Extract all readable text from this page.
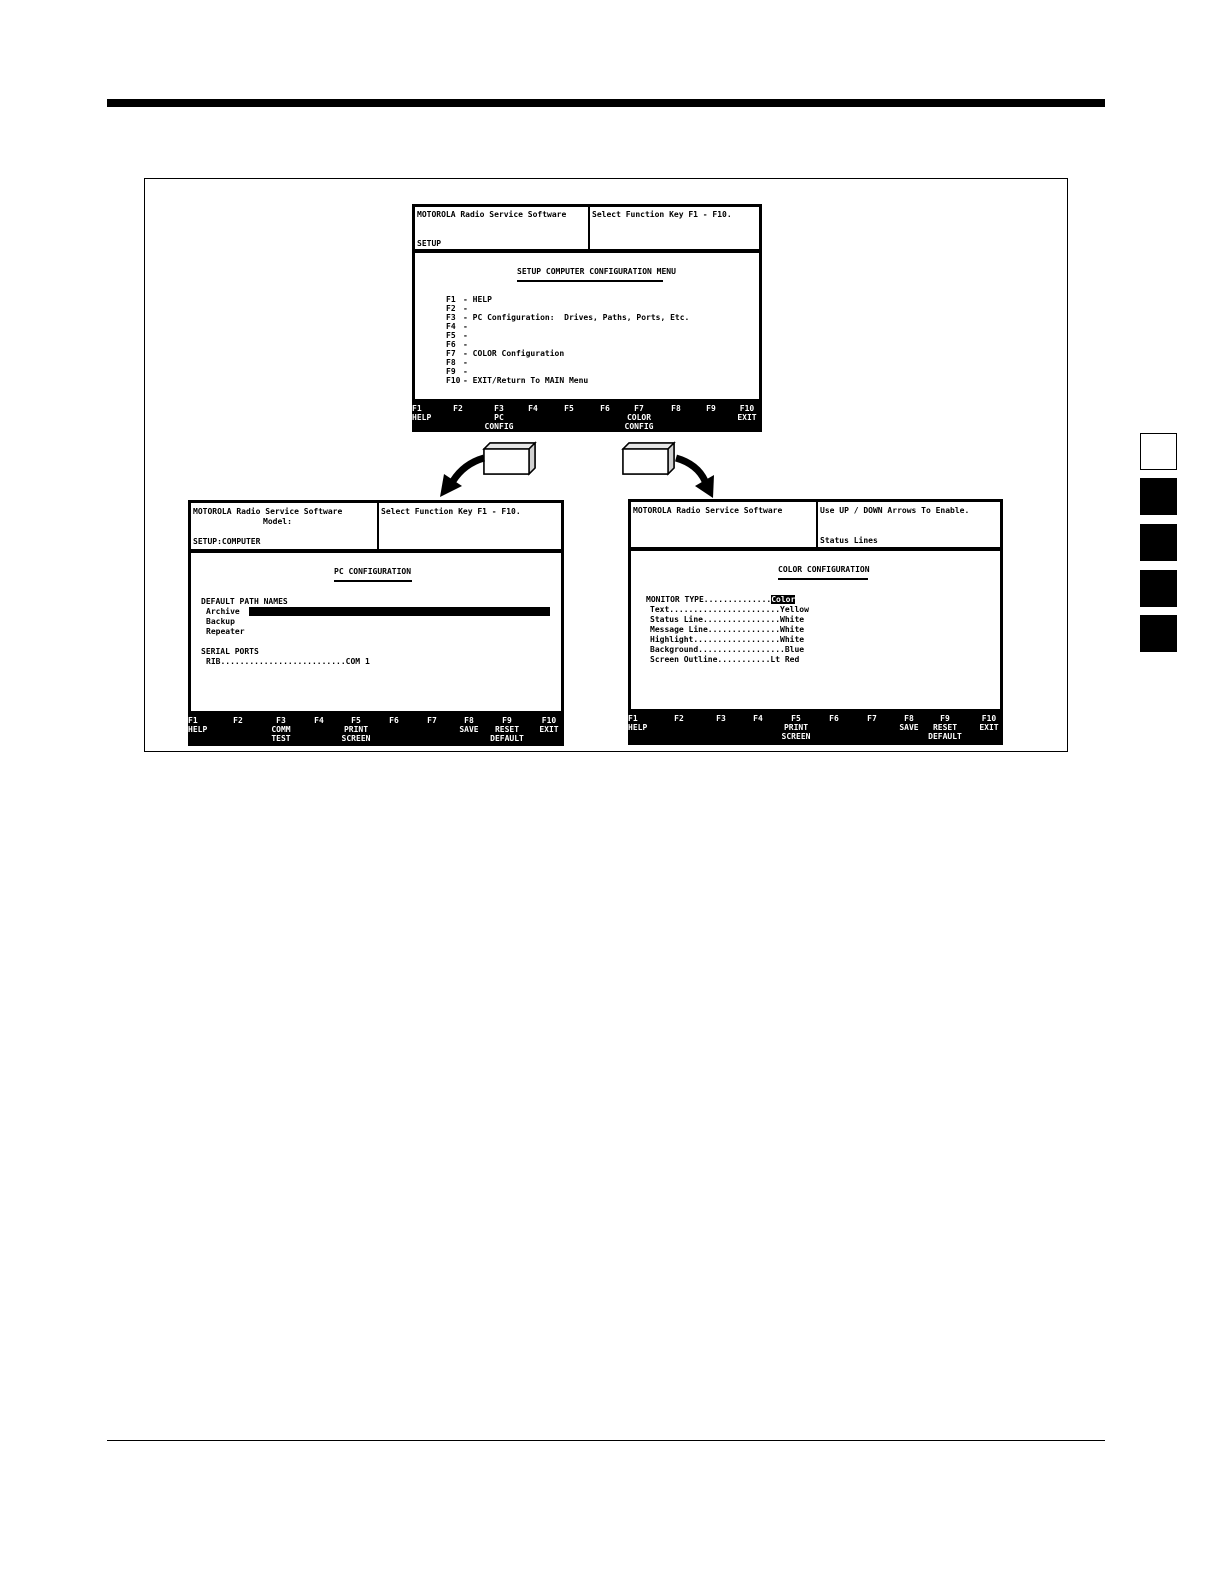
MOTOROLA Radio Service Software
SETUP
Select Function Key F1 - F10.
SETUP COMPUTER CONFIGURATION MENU
F1 - HELP
F2 -
F3 - PC Configuration:  Drives, Paths, Ports, Etc.
F4 -
F5 -
F6 -
F7 - COLOR Configuration
F8 -
F9 -
F10 - EXIT/Return To MAIN Menu
F1
HELP
F2	F3
PC
CONFIG
F4	F5	F6	F7
COLOR
CONFIG
F8	F9	F10
EXIT
MOTOROLA Radio Service Software
Model:
SETUP:COMPUTER
Select Function Key F1 - F10.
PC CONFIGURATION
DEFAULT PATH NAMES
Archive
Backup
Repeater
SERIAL PORTS
RIB..........................COM 1
F1
HELP
F2	F3
COMM
TEST
F4	F5
PRINT
SCREEN
F6	F7	F8
SAVE
F9
RESET
DEFAULT
F10
EXIT
MOTOROLA Radio Service Software	Use UP / DOWN Arrows To Enable.
Status Lines
COLOR CONFIGURATION
MONITOR TYPE..............Color
Text.......................Yellow
Status Line................White
Message Line...............White
Highlight..................White
Background..................Blue
Screen Outline...........Lt Red
F1
HELP
F2	F3	F4	F5
PRINT
SCREEN
F6	F7	F8
SAVE
F9
RESET
DEFAULT
F10
EXIT
